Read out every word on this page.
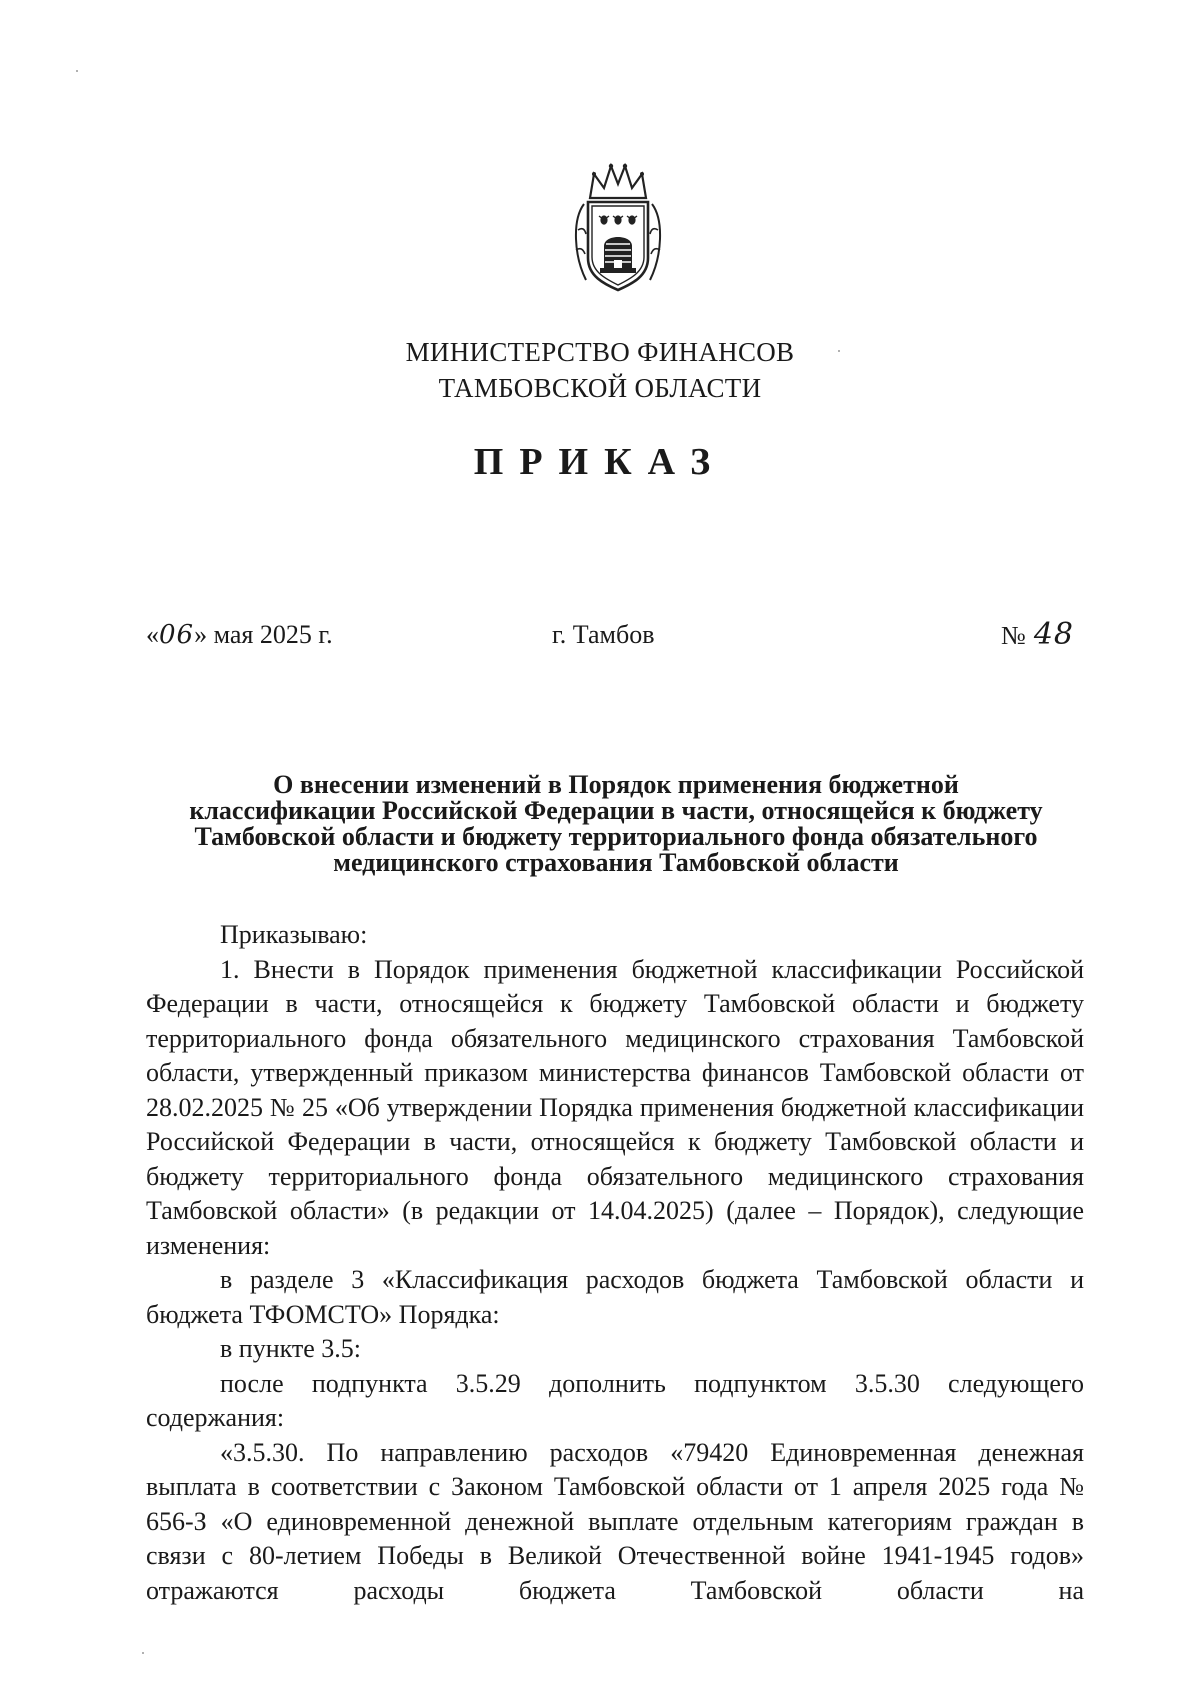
МИНИСТЕРСТВО ФИНАНСОВ
ТАМБОВСКОЙ ОБЛАСТИ
ПРИКАЗ
«06» мая 2025 г.	г. Тамбов	№ 48
О внесении изменений в Порядок применения бюджетной
классификации Российской Федерации в части, относящейся к бюджету
Тамбовской области и бюджету территориального фонда обязательного
медицинского страхования Тамбовской области

Приказываю:

1. Внести в Порядок применения бюджетной классификации Российской Федерации в части, относящейся к бюджету Тамбовской области и бюджету территориального фонда обязательного медицинского страхования Тамбовской области, утвержденный приказом министерства финансов Тамбовской области от 28.02.2025 № 25 «Об утверждении Порядка применения бюджетной классификации Российской Федерации в части, относящейся к бюджету Тамбовской области и бюджету территориального фонда обязательного медицинского страхования Тамбовской области» (в редакции от 14.04.2025) (далее – Порядок), следующие изменения:

в разделе 3 «Классификация расходов бюджета Тамбовской области и бюджета ТФОМСТО» Порядка:

в пункте 3.5:

после подпункта 3.5.29 дополнить подпунктом 3.5.30 следующего содержания:

«3.5.30. По направлению расходов «79420 Единовременная денежная выплата в соответствии с Законом Тамбовской области от 1 апреля 2025 года № 656-З «О единовременной денежной выплате отдельным категориям граждан в связи с 80-летием Победы в Великой Отечественной войне 1941-1945 годов» отражаются расходы бюджета Тамбовской области на
